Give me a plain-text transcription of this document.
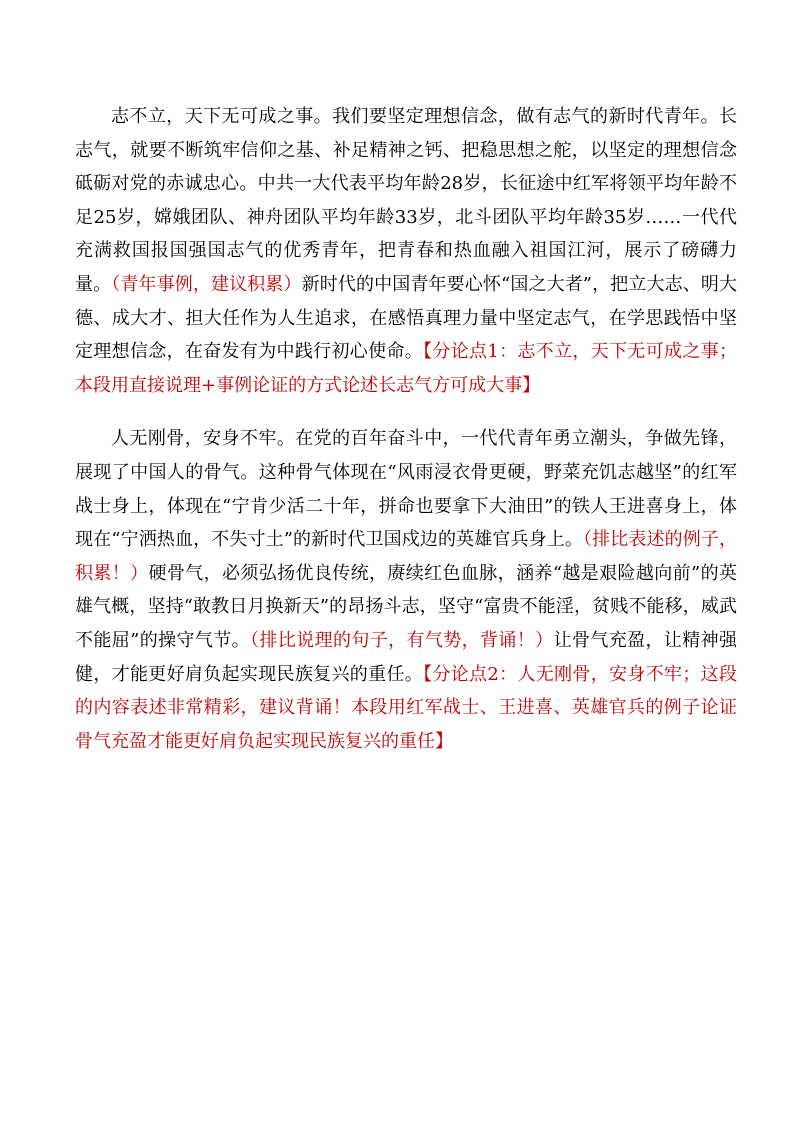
志不立，天下无可成之事。我们要坚定理想信念，做有志气的新时代青年。长志气，就要不断筑牢信仰之基、补足精神之钙、把稳思想之舵，以坚定的理想信念砥砺对党的赤诚忠心。中共一大代表平均年龄28岁，长征途中红军将领平均年龄不足25岁，嫦娥团队、神舟团队平均年龄33岁，北斗团队平均年龄35岁……一代代充满救国报国强国志气的优秀青年，把青春和热血融入祖国江河，展示了磅礴力量。（青年事例，建议积累）新时代的中国青年要心怀“国之大者”，把立大志、明大德、成大才、担大任作为人生追求，在感悟真理力量中坚定志气，在学思践悟中坚定理想信念，在奋发有为中践行初心使命。【分论点1：志不立，天下无可成之事；本段用直接说理+事例论证的方式论述长志气方可成大事】

人无刚骨，安身不牢。在党的百年奋斗中，一代代青年勇立潮头，争做先锋，展现了中国人的骨气。这种骨气体现在“风雨浸衣骨更硬，野菜充饥志越坚”的红军战士身上，体现在“宁肯少活二十年，拼命也要拿下大油田”的铁人王进喜身上，体现在“宁洒热血，不失寸土”的新时代卫国戍边的英雄官兵身上。（排比表述的例子，积累！）硬骨气，必须弘扬优良传统，赓续红色血脉，涵养“越是艰险越向前”的英雄气概，坚持“敢教日月换新天”的昂扬斗志，坚守“富贵不能淫，贫贱不能移，威武不能屈”的操守气节。（排比说理的句子，有气势，背诵！）让骨气充盈，让精神强健，才能更好肩负起实现民族复兴的重任。【分论点2：人无刚骨，安身不牢；这段的内容表述非常精彩，建议背诵！本段用红军战士、王进喜、英雄官兵的例子论证骨气充盈才能更好肩负起实现民族复兴的重任】
